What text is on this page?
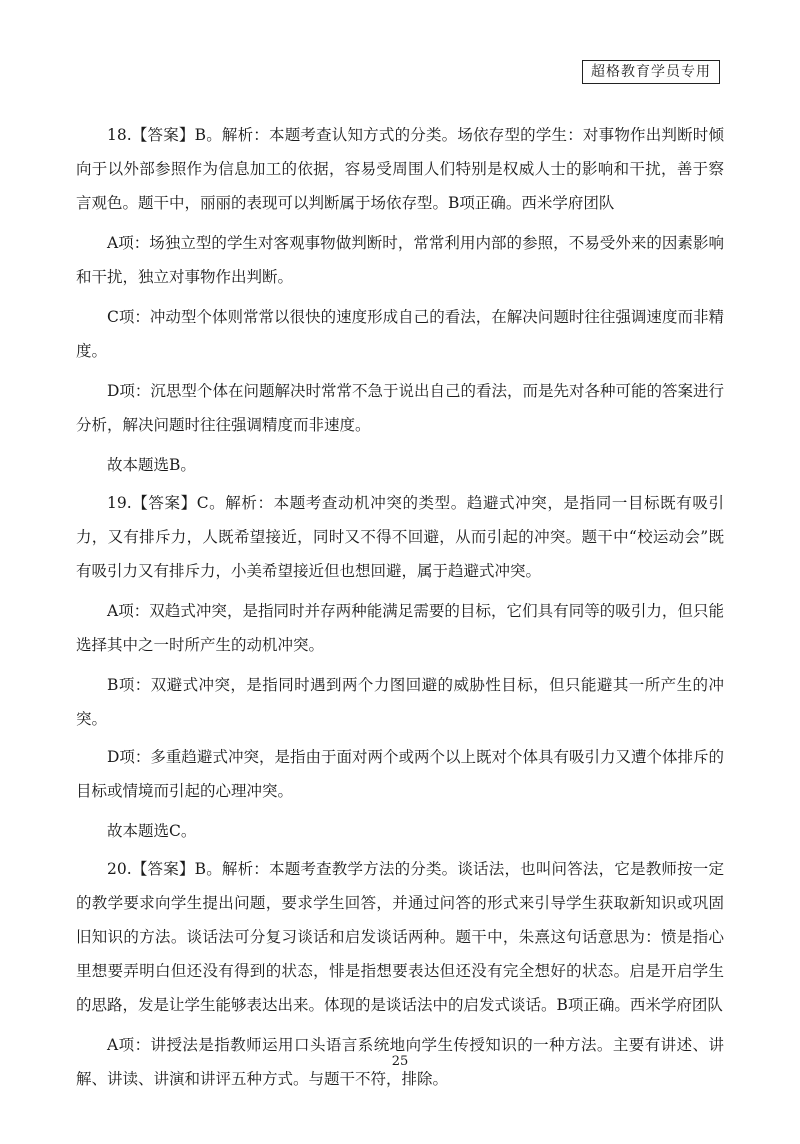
超格教育学员专用

18.【答案】B。解析：本题考查认知方式的分类。场依存型的学生：对事物作出判断时倾向于以外部参照作为信息加工的依据，容易受周围人们特别是权威人士的影响和干扰，善于察言观色。题干中，丽丽的表现可以判断属于场依存型。B项正确。西米学府团队

A项：场独立型的学生对客观事物做判断时，常常利用内部的参照，不易受外来的因素影响和干扰，独立对事物作出判断。

C项：冲动型个体则常常以很快的速度形成自己的看法，在解决问题时往往强调速度而非精度。

D项：沉思型个体在问题解决时常常不急于说出自己的看法，而是先对各种可能的答案进行分析，解决问题时往往强调精度而非速度。

故本题选B。

19.【答案】C。解析：本题考查动机冲突的类型。趋避式冲突，是指同一目标既有吸引力，又有排斥力，人既希望接近，同时又不得不回避，从而引起的冲突。题干中“校运动会”既有吸引力又有排斥力，小美希望接近但也想回避，属于趋避式冲突。

A项：双趋式冲突，是指同时并存两种能满足需要的目标，它们具有同等的吸引力，但只能选择其中之一时所产生的动机冲突。

B项：双避式冲突，是指同时遇到两个力图回避的威胁性目标，但只能避其一所产生的冲突。

D项：多重趋避式冲突，是指由于面对两个或两个以上既对个体具有吸引力又遭个体排斥的目标或情境而引起的心理冲突。

故本题选C。

20.【答案】B。解析：本题考查教学方法的分类。谈话法，也叫问答法，它是教师按一定的教学要求向学生提出问题，要求学生回答，并通过问答的形式来引导学生获取新知识或巩固旧知识的方法。谈话法可分复习谈话和启发谈话两种。题干中，朱熹这句话意思为：愤是指心里想要弄明白但还没有得到的状态，悱是指想要表达但还没有完全想好的状态。启是开启学生的思路，发是让学生能够表达出来。体现的是谈话法中的启发式谈话。B项正确。西米学府团队

A项：讲授法是指教师运用口头语言系统地向学生传授知识的一种方法。主要有讲述、讲解、讲读、讲演和讲评五种方式。与题干不符，排除。

25
